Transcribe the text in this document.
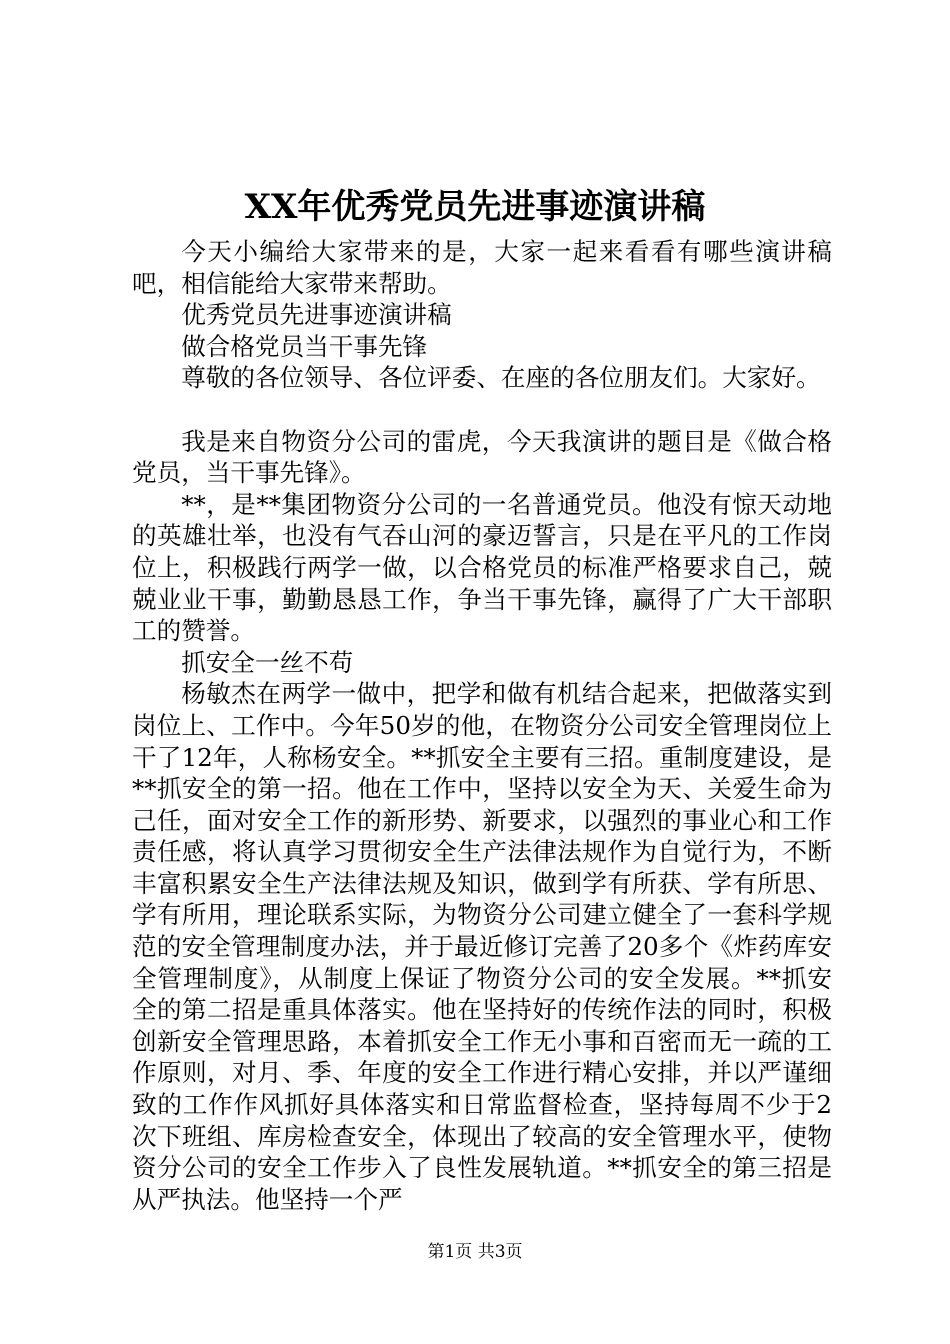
XX年优秀党员先进事迹演讲稿

今天小编给大家带来的是，大家一起来看看有哪些演讲稿吧，相信能给大家带来帮助。

优秀党员先进事迹演讲稿

做合格党员当干事先锋

尊敬的各位领导、各位评委、在座的各位朋友们。大家好。

我是来自物资分公司的雷虎，今天我演讲的题目是《做合格党员，当干事先锋》。

**，是**集团物资分公司的一名普通党员。他没有惊天动地的英雄壮举，也没有气吞山河的豪迈誓言，只是在平凡的工作岗位上，积极践行两学一做，以合格党员的标准严格要求自己，兢兢业业干事，勤勤恳恳工作，争当干事先锋，赢得了广大干部职工的赞誉。

抓安全一丝不苟

杨敏杰在两学一做中，把学和做有机结合起来，把做落实到岗位上、工作中。今年50岁的他，在物资分公司安全管理岗位上干了12年，人称杨安全。**抓安全主要有三招。重制度建设，是**抓安全的第一招。他在工作中，坚持以安全为天、关爱生命为己任，面对安全工作的新形势、新要求，以强烈的事业心和工作责任感，将认真学习贯彻安全生产法律法规作为自觉行为，不断丰富积累安全生产法律法规及知识，做到学有所获、学有所思、学有所用，理论联系实际，为物资分公司建立健全了一套科学规范的安全管理制度办法，并于最近修订完善了20多个《炸药库安全管理制度》，从制度上保证了物资分公司的安全发展。**抓安全的第二招是重具体落实。他在坚持好的传统作法的同时，积极创新安全管理思路，本着抓安全工作无小事和百密而无一疏的工作原则，对月、季、年度的安全工作进行精心安排，并以严谨细致的工作作风抓好具体落实和日常监督检查，坚持每周不少于2次下班组、库房检查安全，体现出了较高的安全管理水平，使物资分公司的安全工作步入了良性发展轨道。**抓安全的第三招是从严执法。他坚持一个严

第1页 共3页
